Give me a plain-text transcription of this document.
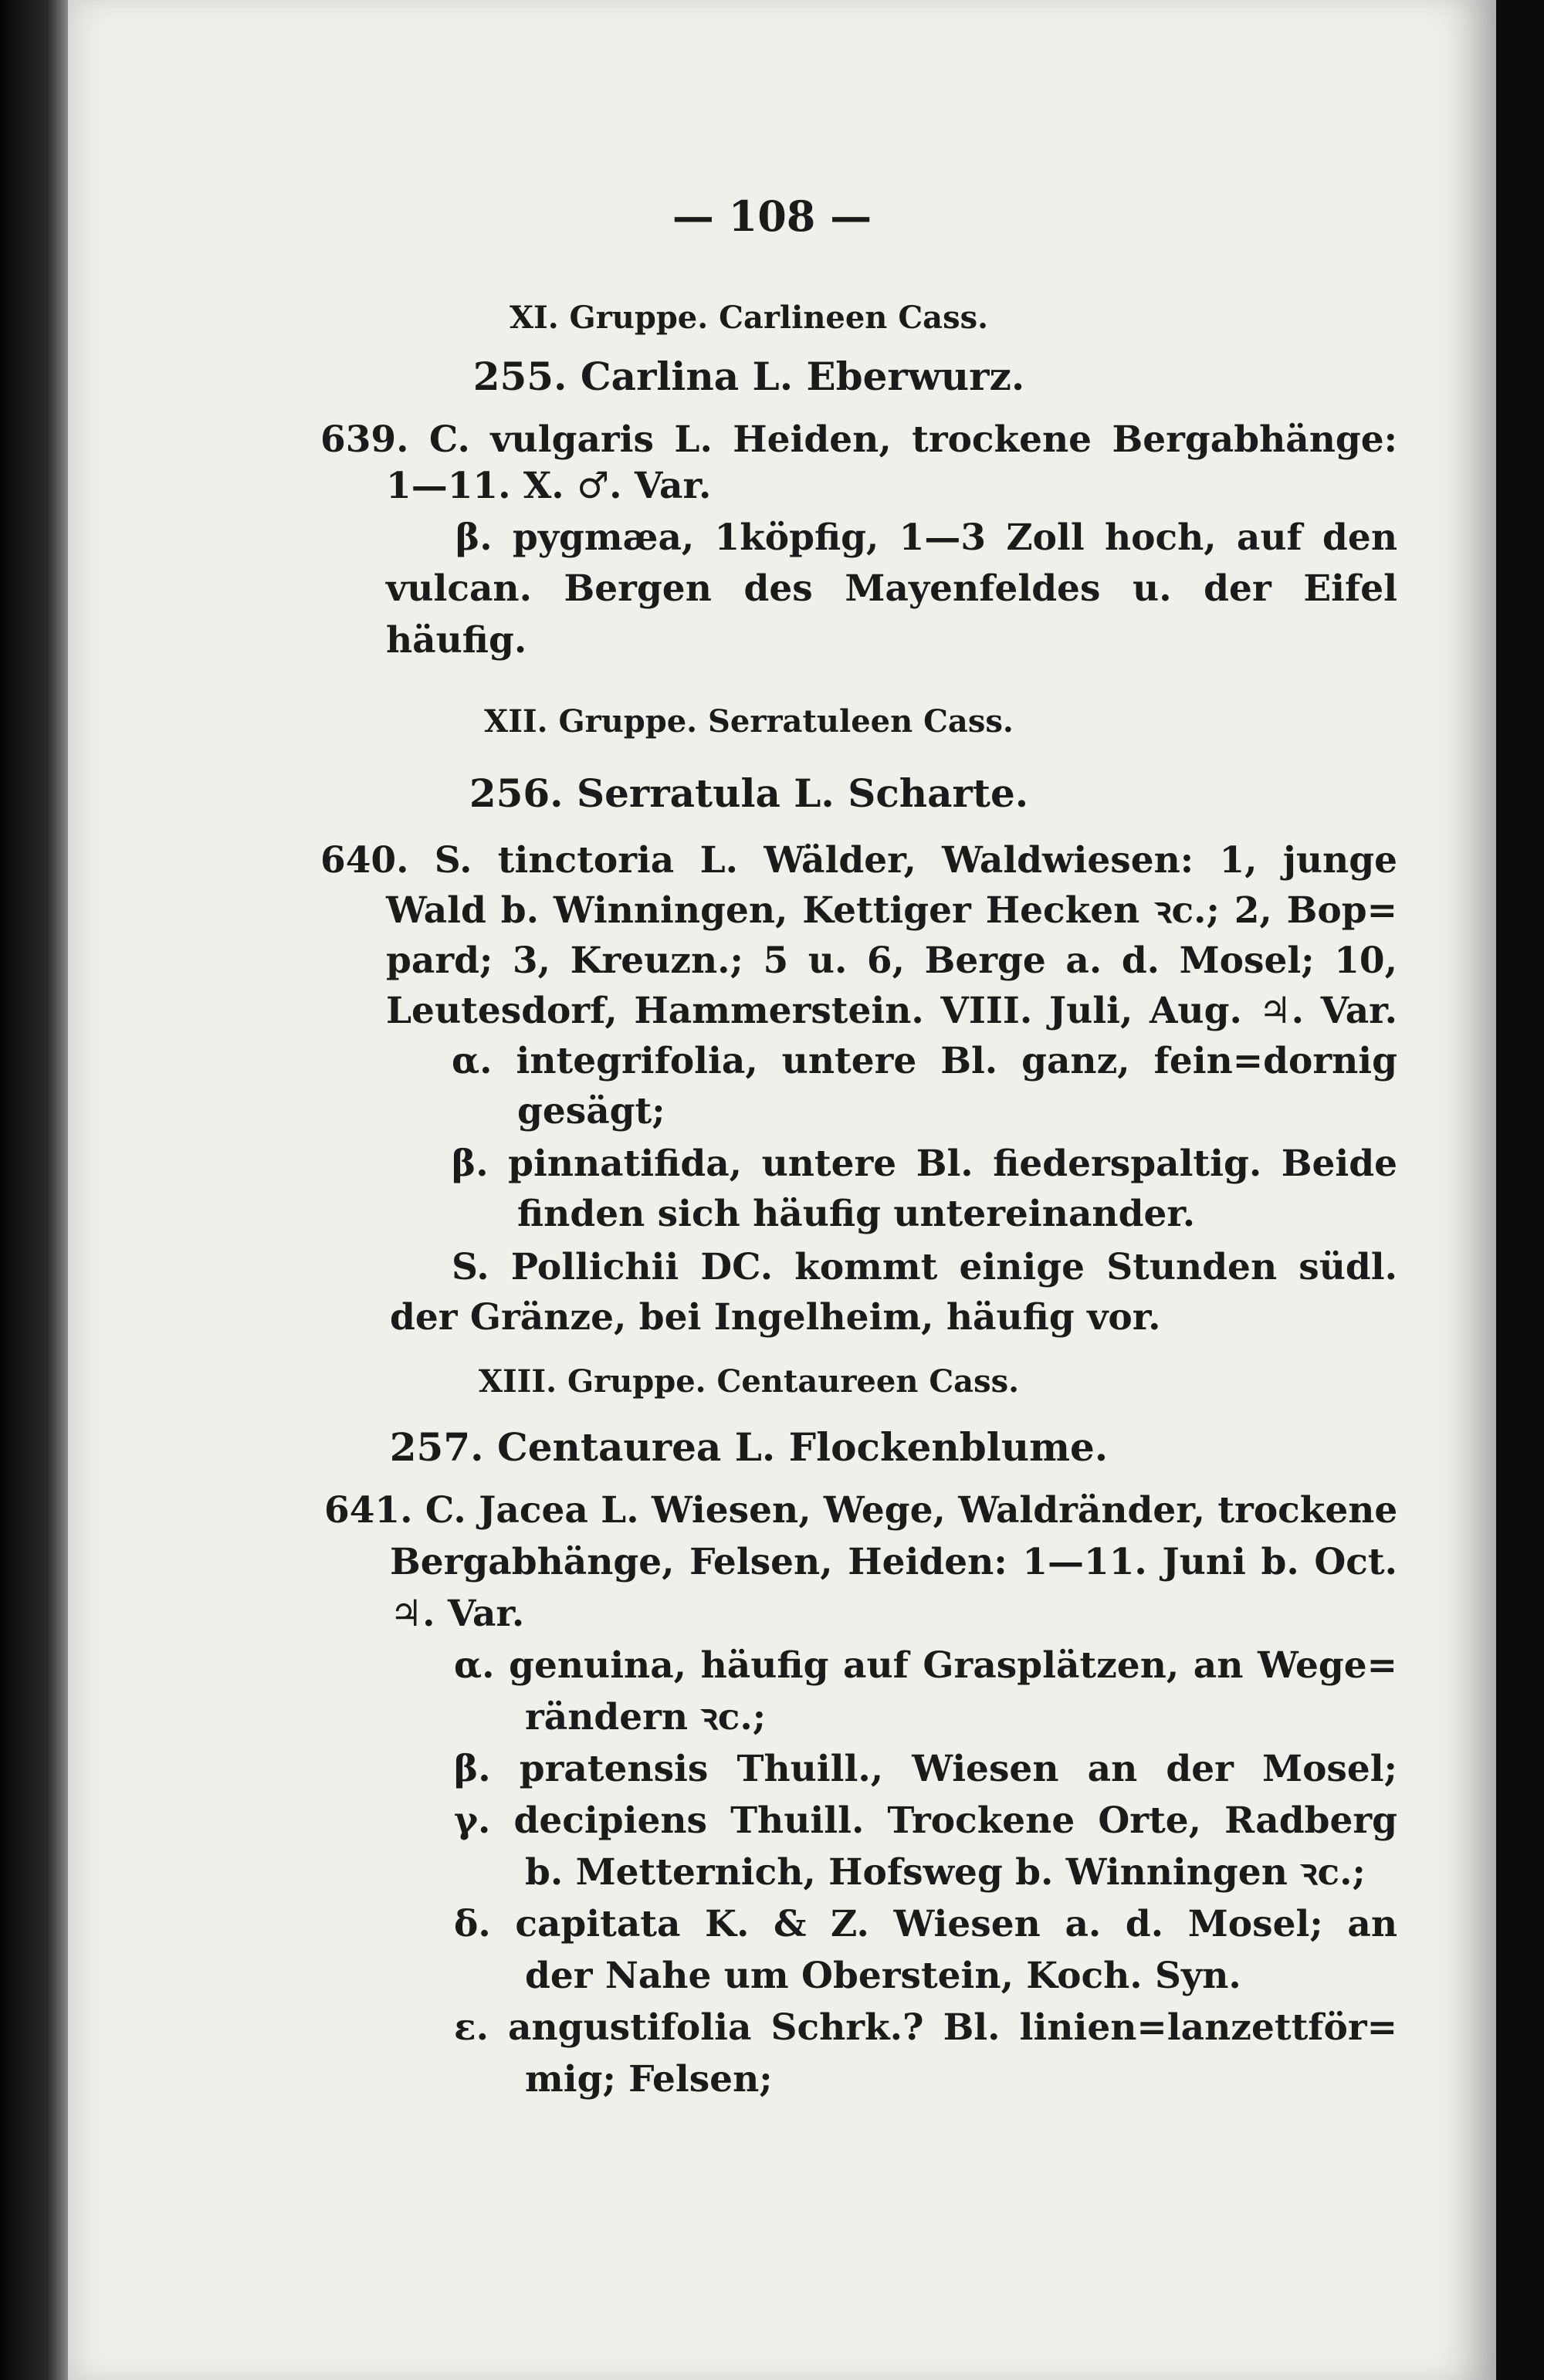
— 108 —
XI. Gruppe. Carlineen Cass.
255. Carlina L. Eberwurz.
639. C. vulgaris L. Heiden, trockene Bergabhänge:
1—11. X. ♂. Var.
β. pygmæa, 1köpfig, 1—3 Zoll hoch, auf den
vulcan. Bergen des Mayenfeldes u. der Eifel
häufig.
XII. Gruppe. Serratuleen Cass.
256. Serratula L. Scharte.
640. S. tinctoria L. Wälder, Waldwiesen: 1, junge
Wald b. Winningen, Kettiger Hecken ꝛc.; 2, Bop=
pard; 3, Kreuzn.; 5 u. 6, Berge a. d. Mosel; 10,
Leutesdorf, Hammerstein. VIII. Juli, Aug. ♃. Var.
α. integrifolia, untere Bl. ganz, fein=dornig
gesägt;
β. pinnatifida, untere Bl. fiederspaltig. Beide
finden sich häufig untereinander.
S. Pollichii DC. kommt einige Stunden südl.
der Gränze, bei Ingelheim, häufig vor.
XIII. Gruppe. Centaureen Cass.
257. Centaurea L. Flockenblume.
641. C. Jacea L. Wiesen, Wege, Waldränder, trockene
Bergabhänge, Felsen, Heiden: 1—11. Juni b. Oct.
♃. Var.
α. genuina, häufig auf Grasplätzen, an Wege=
rändern ꝛc.;
β. pratensis Thuill., Wiesen an der Mosel;
γ. decipiens Thuill. Trockene Orte, Radberg
b. Metternich, Hofsweg b. Winningen ꝛc.;
δ. capitata K. & Z. Wiesen a. d. Mosel; an
der Nahe um Oberstein, Koch. Syn.
ε. angustifolia Schrk.? Bl. linien=lanzettför=
mig; Felsen;
